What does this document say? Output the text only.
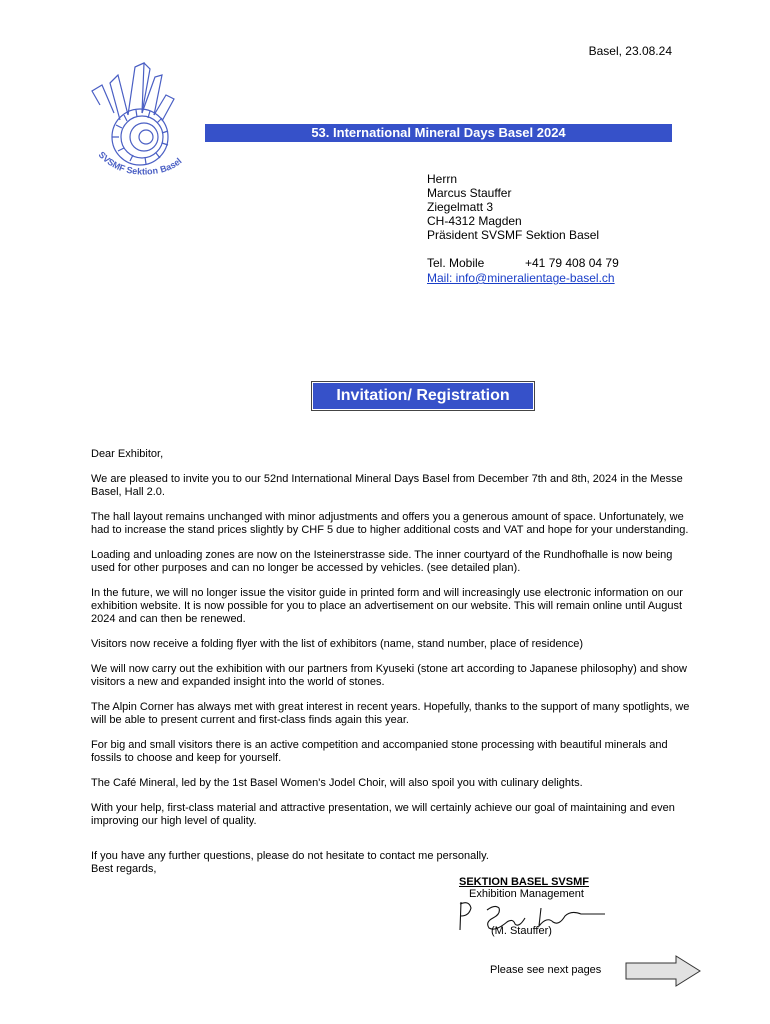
Basel, 23.08.24
SVSMF Sektion Basel
53. International Mineral Days Basel 2024
Herrn
Marcus Stauffer
Ziegelmatt 3
CH-4312 Magden
Präsident SVSMF Sektion Basel
Tel. Mobile	+41 79 408 04 79
Mail: info@mineralientage-basel.ch
Invitation/ Registration

Dear Exhibitor,

We are pleased to invite you to our 52nd International Mineral Days Basel from December 7th and 8th, 2024 in the Messe Basel, Hall 2.0.

The hall layout remains unchanged with minor adjustments and offers you a generous amount of space. Unfortunately, we had to increase the stand prices slightly by CHF 5 due to higher additional costs and VAT and hope for your understanding.

Loading and unloading zones are now on the Isteinerstrasse side. The inner courtyard of the Rundhofhalle is now being used for other purposes and can no longer be accessed by vehicles. (see detailed plan).

In the future, we will no longer issue the visitor guide in printed form and will increasingly use electronic information on our exhibition website. It is now possible for you to place an advertisement on our website. This will remain online until August 2024 and can then be renewed.

Visitors now receive a folding flyer with the list of exhibitors (name, stand number, place of residence)

We will now carry out the exhibition with our partners from Kyuseki (stone art according to Japanese philosophy) and show visitors a new and expanded insight into the world of stones.

The Alpin Corner has always met with great interest in recent years. Hopefully, thanks to the support of many spotlights, we will be able to present current and first-class finds again this year.

For big and small visitors there is an active competition and accompanied stone processing with beautiful minerals and fossils to choose and keep for yourself.

The Café Mineral, led by the 1st Basel Women's Jodel Choir, will also spoil you with culinary delights.

With your help, first-class material and attractive presentation, we will certainly achieve our goal of maintaining and even improving our high level of quality.

If you have any further questions, please do not hesitate to contact me personally.
Best regards,
SEKTION BASEL SVSMF
Exhibition Management
(M. Stauffer)
Please see next pages
